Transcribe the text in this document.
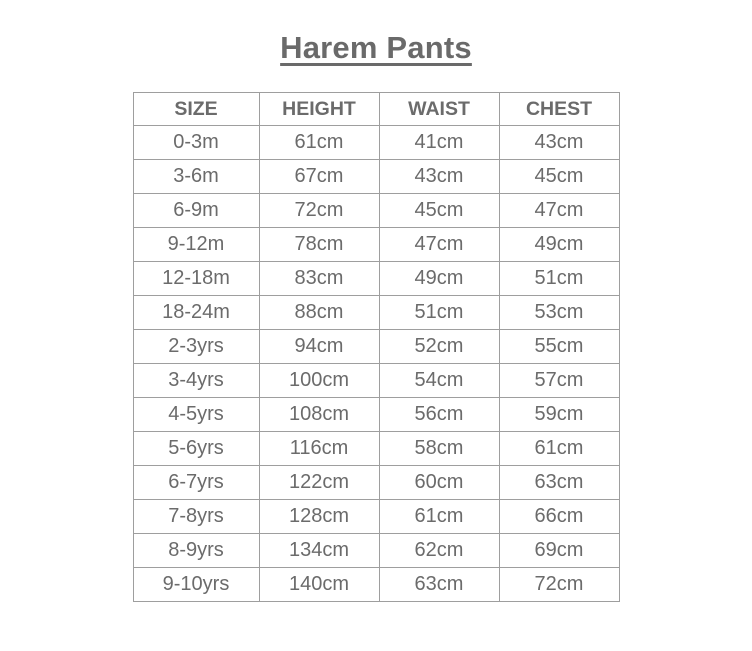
Harem Pants
SIZE	HEIGHT	WAIST	CHEST
0-3m	61cm	41cm	43cm
3-6m	67cm	43cm	45cm
6-9m	72cm	45cm	47cm
9-12m	78cm	47cm	49cm
12-18m	83cm	49cm	51cm
18-24m	88cm	51cm	53cm
2-3yrs	94cm	52cm	55cm
3-4yrs	100cm	54cm	57cm
4-5yrs	108cm	56cm	59cm
5-6yrs	116cm	58cm	61cm
6-7yrs	122cm	60cm	63cm
7-8yrs	128cm	61cm	66cm
8-9yrs	134cm	62cm	69cm
9-10yrs	140cm	63cm	72cm
